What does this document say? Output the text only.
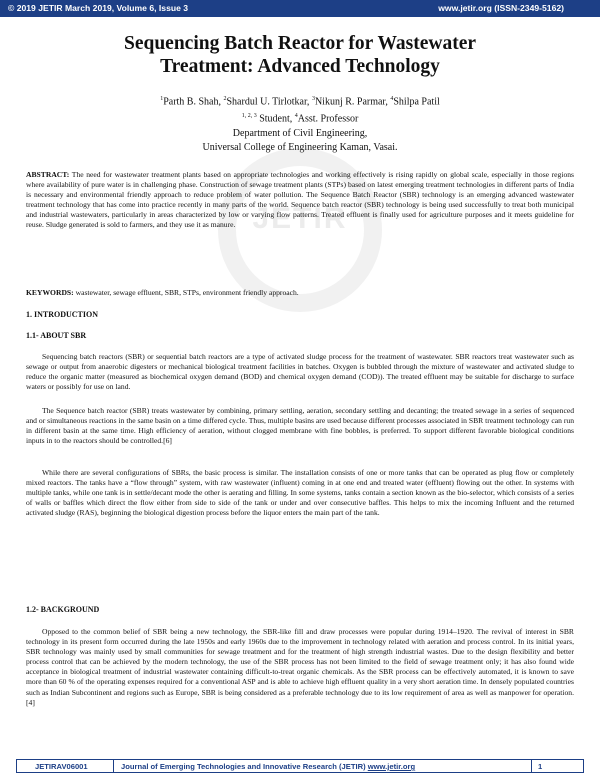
© 2019 JETIR March 2019, Volume 6, Issue 3	www.jetir.org (ISSN-2349-5162)
Sequencing Batch Reactor for Wastewater
Treatment: Advanced Technology
$^1$Parth B. Shah, $^2$Shardul U. Tirlotkar, $^3$Nikunj R. Parmar, $^4$Shilpa Patil
$^{1, 2, 3}$ Student, $^4$Asst. Professor
Department of Civil Engineering,
Universal College of Engineering Kaman, Vasai.
JETIR

ABSTRACT: The need for wastewater treatment plants based on appropriate technologies and working effectively is rising rapidly on global scale, especially in those regions where availability of pure water is in challenging phase. Construction of sewage treatment plants (STPs) based on latest emerging treatment technologies in different parts of India is necessary and environmental friendly approach to reduce problem of water pollution. The Sequence Batch Reactor (SBR) technology is an emerging advanced wastewater treatment technology that has come into practice recently in many parts of the world. Sequence batch reactor (SBR) technology is being used successfully to treat both municipal and industrial wastewaters, particularly in areas characterized by low or varying flow patterns. Treated effluent is finally used for agriculture purposes and it meets guideline for reuse. Sludge generated is sold to farmers, and they use it as manure.

KEYWORDS: wastewater, sewage effluent, SBR, STPs, environment friendly approach.

1. INTRODUCTION
1.1- ABOUT SBR

Sequencing batch reactors (SBR) or sequential batch reactors are a type of activated sludge process for the treatment of wastewater. SBR reactors treat wastewater such as sewage or output from anaerobic digesters or mechanical biological treatment facilities in batches. Oxygen is bubbled through the mixture of wastewater and activated sludge to reduce the organic matter (measured as biochemical oxygen demand (BOD) and chemical oxygen demand (COD)). The treated effluent may be suitable for discharge to surface waters or possibly for use on land.

The Sequence batch reactor (SBR) treats wastewater by combining, primary settling, aeration, secondary settling and decanting; the treated sewage in a series of sequenced and or simultaneous reactions in the same basin on a time differed cycle. Thus, multiple basins are used because different processes associated in SBR treatment technology can run in different basin at the same time. High efficiency of aeration, without clogged membrane with fine bobbles, is preferred. To support different favorable biological conditions inputs in to the reactors should be controlled.[6]

While there are several configurations of SBRs, the basic process is similar. The installation consists of one or more tanks that can be operated as plug flow or completely mixed reactors. The tanks have a “flow through” system, with raw wastewater (influent) coming in at one end and treated water (effluent) flowing out the other. In systems with multiple tanks, while one tank is in settle/decant mode the other is aerating and filling. In some systems, tanks contain a section known as the bio-selector, which consists of a series of walls or baffles which direct the flow either from side to side of the tank or under and over consecutive baffles. This helps to mix the incoming Influent and the returned activated sludge (RAS), beginning the biological digestion process before the liquor enters the main part of the tank.

1.2- BACKGROUND

Opposed to the common belief of SBR being a new technology, the SBR-like fill and draw processes were popular during 1914–1920. The revival of interest in SBR technology in its present form occurred during the late 1950s and early 1960s due to the improvement in technology related with aeration and process control. In its initial years, SBR technology was mainly used by small communities for sewage treatment and for the treatment of high strength industrial wastes. Due to the design flexibility and better process control that can be achieved by the modern technology, the use of the SBR process has not been limited to the field of sewage treatment only; it has also found wide acceptance in biological treatment of industrial wastewater containing difficult-to-treat organic chemicals. As the SBR process can be effectively automated, it is known to save more than 60 % of the operating expenses required for a conventional ASP and is able to achieve high effluent quality in a very short aeration time. In densely populated countries such as Indian Subcontinent and regions such as Europe, SBR is being considered as a preferable technology due to its low requirement of area as well as manpower for operation.[4]

JETIRAV06001	Journal of Emerging Technologies and Innovative Research (JETIR) www.jetir.org	1
